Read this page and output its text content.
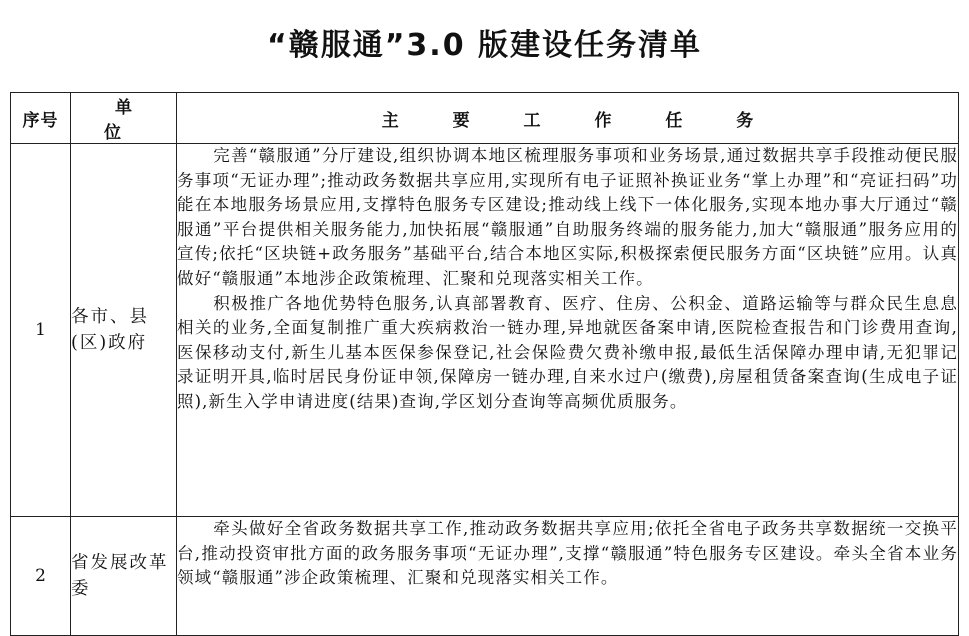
“赣服通”3.0 版建设任务清单
序号	单 位	主 要 工 作 任 务
1	各市、县(区)政府	完善“赣服通”分厅建设,组织协调本地区梳理服务事项和业务场景,通过数据共享手段推动便民服务事项“无证办理”;推动政务数据共享应用,实现所有电子证照补换证业务“掌上办理”和“亮证扫码”功能在本地服务场景应用,支撑特色服务专区建设;推动线上线下一体化服务,实现本地办事大厅通过“赣服通”平台提供相关服务能力,加快拓展“赣服通”自助服务终端的服务能力,加大“赣服通”服务应用的宣传;依托“区块链+政务服务”基础平台,结合本地区实际,积极探索便民服务方面“区块链”应用。认真做好“赣服通”本地涉企政策梳理、汇聚和兑现落实相关工作。

积极推广各地优势特色服务,认真部署教育、医疗、住房、公积金、道路运输等与群众民生息息相关的业务,全面复制推广重大疾病救治一链办理,异地就医备案申请,医院检查报告和门诊费用查询,医保移动支付,新生儿基本医保参保登记,社会保险费欠费补缴申报,最低生活保障办理申请,无犯罪记录证明开具,临时居民身份证申领,保障房一链办理,自来水过户(缴费),房屋租赁备案查询(生成电子证照),新生入学申请进度(结果)查询,学区划分查询等高频优质服务。

2	省发展改革委	牵头做好全省政务数据共享工作,推动政务数据共享应用;依托全省电子政务共享数据统一交换平台,推动投资审批方面的政务服务事项“无证办理”,支撑“赣服通”特色服务专区建设。牵头全省本业务领域“赣服通”涉企政策梳理、汇聚和兑现落实相关工作。
